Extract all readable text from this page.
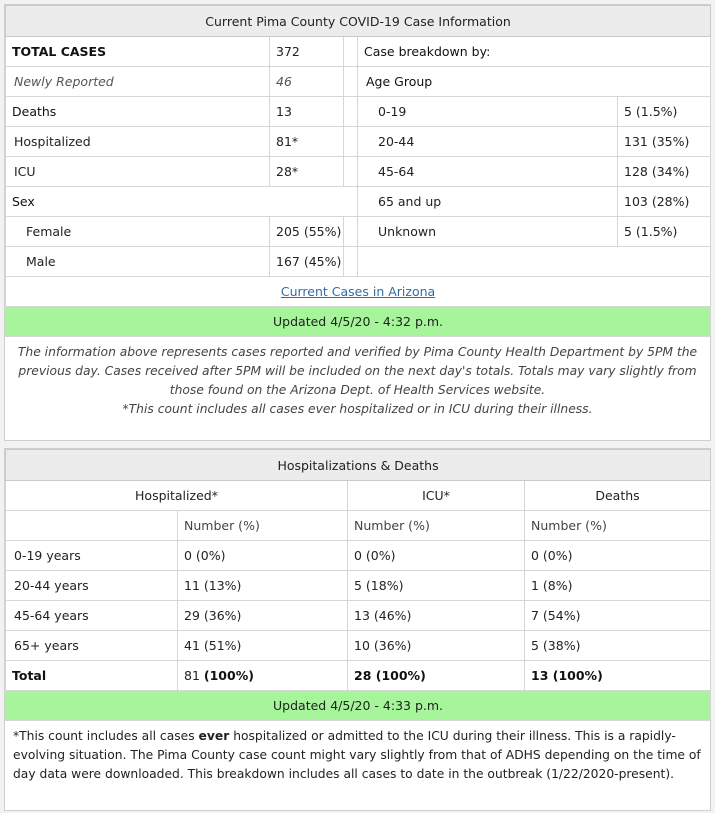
Current Pima County COVID-19 Case Information				
TOTAL CASES	372		Case breakdown by:	
Newly Reported	46		Age Group	
Deaths	13		0-19	5 (1.5%)
Hospitalized	81*		20-44	131 (35%)
ICU	28*		45-64	128 (34%)
Sex			65 and up	103 (28%)
Female	205 (55%)		Unknown	5 (1.5%)
Male	167 (45%)			
Current Cases in Arizona				
Updated 4/5/20 - 4:32 p.m.				
The information above represents cases reported and verified by Pima County Health Department by 5PM the previous day. Cases received after 5PM will be included on the next day's totals. Totals may vary slightly from those found on the Arizona Dept. of Health Services website.
*This count includes all cases ever hospitalized or in ICU during their illness.
Hospitalizations & Deaths			
Hospitalized*		ICU*	Deaths
	Number (%)	Number (%)	Number (%)
0-19 years	0 (0%)	0 (0%)	0 (0%)
20-44 years	11 (13%)	5 (18%)	1 (8%)
45-64 years	29 (36%)	13 (46%)	7 (54%)
65+ years	41 (51%)	10 (36%)	5 (38%)
Total	81 (100%)	28 (100%)	13 (100%)
Updated 4/5/20 - 4:33 p.m.			
*This count includes all cases ever hospitalized or admitted to the ICU during their illness. This is a rapidly-evolving situation. The Pima County case count might vary slightly from that of ADHS depending on the time of day data were downloaded. This breakdown includes all cases to date in the outbreak (1/22/2020-present).
